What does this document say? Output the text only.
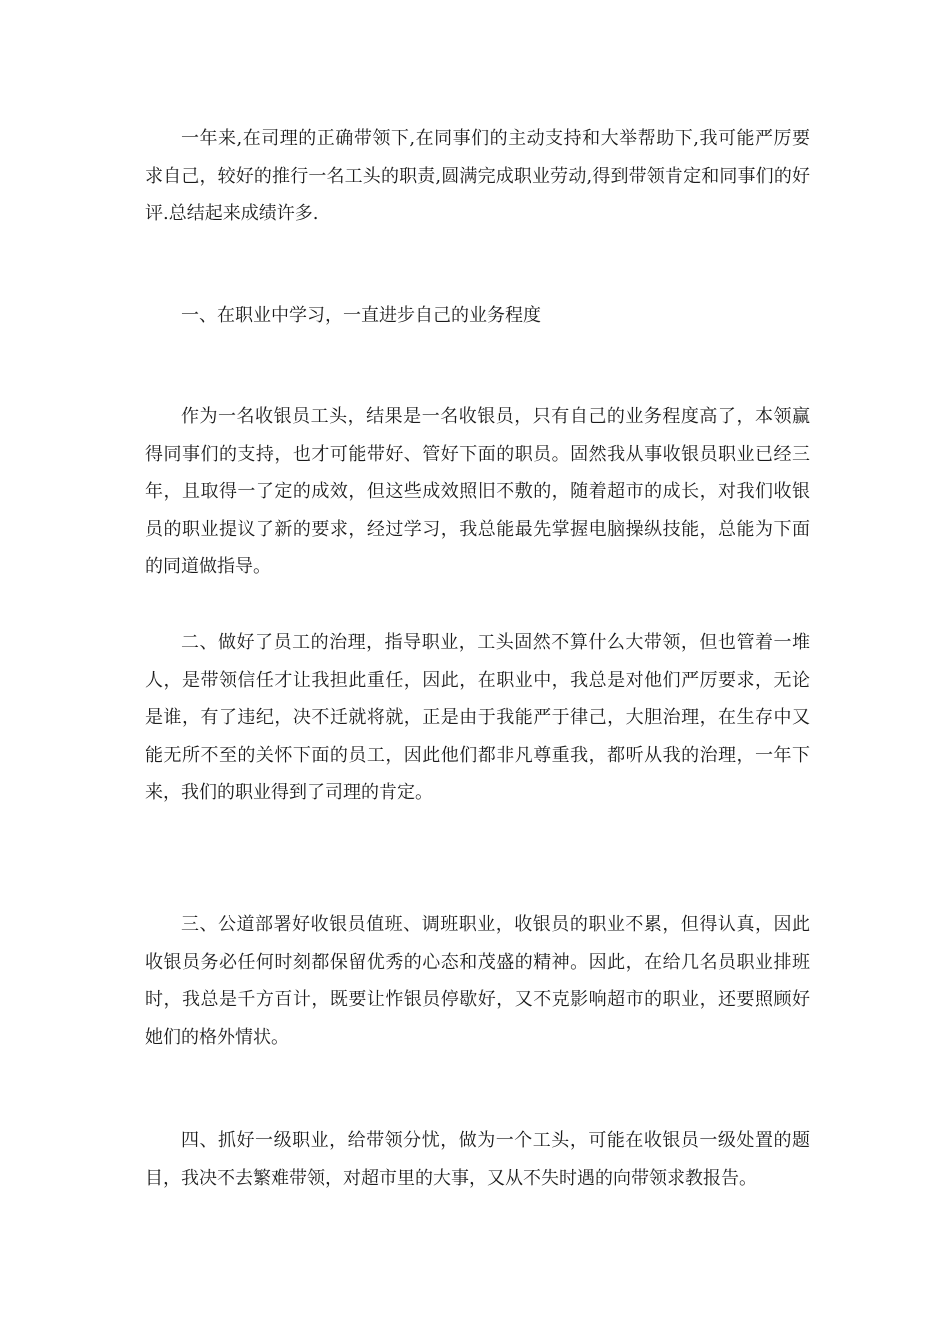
一年来,在司理的正确带领下,在同事们的主动支持和大举帮助下,我可能严厉要求自己，较好的推行一名工头的职责,圆满完成职业劳动,得到带领肯定和同事们的好评.总结起来成绩许多.

一、在职业中学习，一直进步自己的业务程度

作为一名收银员工头，结果是一名收银员，只有自己的业务程度高了，本领赢得同事们的支持，也才可能带好、管好下面的职员。固然我从事收银员职业已经三年，且取得一了定的成效，但这些成效照旧不敷的，随着超市的成长，对我们收银员的职业提议了新的要求，经过学习，我总能最先掌握电脑操纵技能，总能为下面的同道做指导。

二、做好了员工的治理，指导职业，工头固然不算什么大带领，但也管着一堆人，是带领信任才让我担此重任，因此，在职业中，我总是对他们严厉要求，无论是谁，有了违纪，决不迁就将就，正是由于我能严于律己，大胆治理，在生存中又能无所不至的关怀下面的员工，因此他们都非凡尊重我，都听从我的治理，一年下来，我们的职业得到了司理的肯定。

三、公道部署好收银员值班、调班职业，收银员的职业不累，但得认真，因此收银员务必任何时刻都保留优秀的心态和茂盛的精神。因此，在给几名员职业排班时，我总是千方百计，既要让怍银员停歇好，又不克影响超市的职业，还要照顾好她们的格外情状。

四、抓好一级职业，给带领分忧，做为一个工头，可能在收银员一级处置的题目，我决不去繁难带领，对超市里的大事，又从不失时遇的向带领求教报告。
